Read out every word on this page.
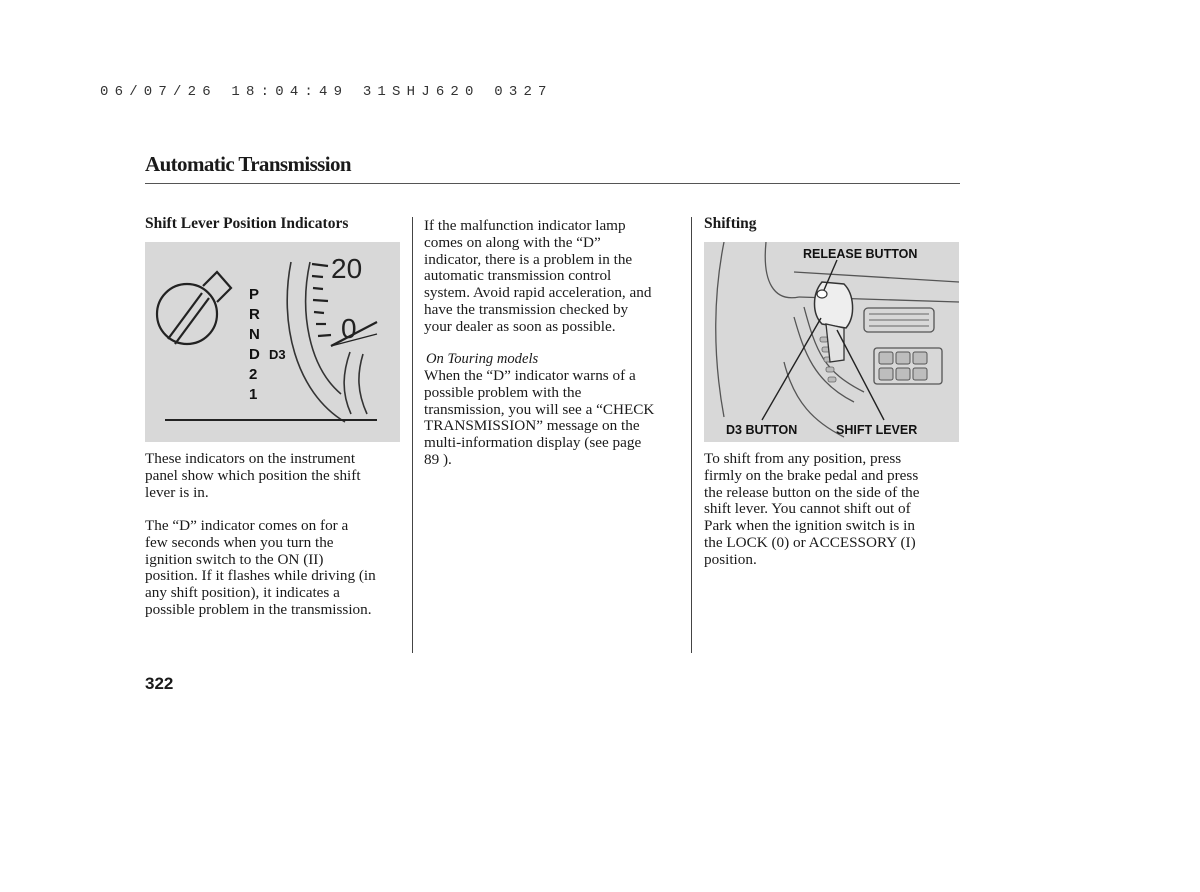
06/07/26 18:04:49 31SHJ620 0327
Automatic Transmission
Shift Lever Position Indicators
20
0
P
R
N
D
2
1
D3

These indicators on the instrument
panel show which position the shift
lever is in.

The “D” indicator comes on for a
few seconds when you turn the
ignition switch to the ON (II)
position. If it flashes while driving (in
any shift position), it indicates a
possible problem in the transmission.

If the malfunction indicator lamp
comes on along with the “D”
indicator, there is a problem in the
automatic transmission control
system. Avoid rapid acceleration, and
have the transmission checked by
your dealer as soon as possible.

On Touring models

When the “D” indicator warns of a
possible problem with the
transmission, you will see a “CHECK
TRANSMISSION” message on the
multi-information display (see page
89 ).

Shifting
RELEASE BUTTON
D3 BUTTON	SHIFT LEVER

To shift from any position, press
firmly on the brake pedal and press
the release button on the side of the
shift lever. You cannot shift out of
Park when the ignition switch is in
the LOCK (0) or ACCESSORY (I)
position.

322
